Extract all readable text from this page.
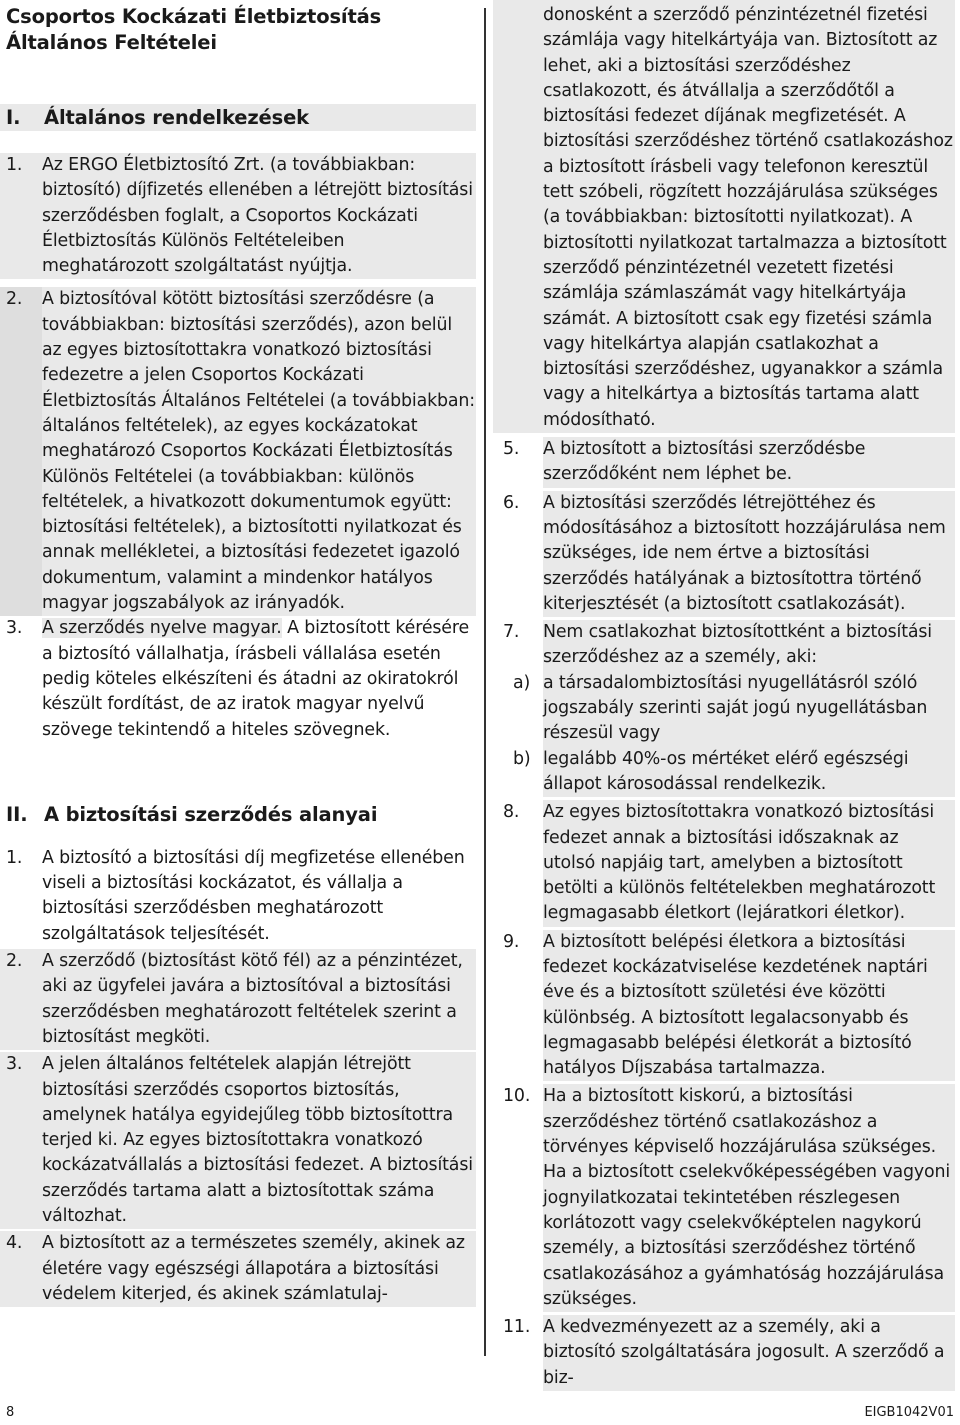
Csoportos Kockázati Életbiztosítás Általános Feltételei
I.	Általános rendelkezések
1.	Az ERGO Életbiztosító Zrt. (a továbbiakban: biztosító) díjfizetés ellenében a létrejött biztosítási szerződésben foglalt, a Csoportos Kockázati Életbiztosítás Különös Feltételeiben meghatározott szolgáltatást nyújtja.
2.	A biztosítóval kötött biztosítási szerződésre (a továbbiakban: biztosítási szerződés), azon belül az egyes biztosítottakra vonatkozó biztosítási fedezetre a jelen Csoportos Kockázati Életbiztosítás Általános Feltételei (a továbbiakban: általános feltételek), az egyes kockázatokat meghatározó Csoportos Kockázati Életbiztosítás Különös Feltételei (a továbbiakban: különös feltételek, a hivatkozott dokumentumok együtt: biztosítási feltételek), a biztosítotti nyilatkozat és annak mellékletei, a biztosítási fedezetet igazoló dokumentum, valamint a mindenkor hatályos magyar jogszabályok az irányadók.
3.	A szerződés nyelve magyar. A biztosított kérésére a biztosító vállalhatja, írásbeli vállalása esetén pedig köteles elkészíteni és átadni az okiratokról készült fordítást, de az iratok magyar nyelvű szövege tekintendő a hiteles szövegnek.
II. A biztosítási szerződés alanyai
1.	A biztosító a biztosítási díj megfizetése ellenében viseli a biztosítási kockázatot, és vállalja a biztosítási szerződésben meghatározott szolgáltatások teljesítését.
2.	A szerződő (biztosítást kötő fél) az a pénzintézet, aki az ügyfelei javára a biztosítóval a biztosítási szerződésben meghatározott feltételek szerint a biztosítást megköti.
3.	A jelen általános feltételek alapján létrejött biztosítási szerződés csoportos biztosítás, amelynek hatálya egyidejűleg több biztosítottra terjed ki. Az egyes biztosítottakra vonatkozó kockázatvállalás a biztosítási fedezet. A biztosítási szerződés tartama alatt a biztosítottak száma változhat.
4.	A biztosított az a természetes személy, akinek az életére vagy egészségi állapotára a biztosítási védelem kiterjed, és akinek számlatulaj-
donosként a szerződő pénzintézetnél fizetési számlája vagy hitelkártyája van. Biztosított az lehet, aki a biztosítási szerződéshez csatlakozott, és átvállalja a szerződőtől a biztosítási fedezet díjának megfizetését. A biztosítási szerződéshez történő csatlakozáshoz a biztosított írásbeli vagy telefonon keresztül tett szóbeli, rögzített hozzájárulása szükséges (a továbbiakban: biztosítotti nyilatkozat). A biztosítotti nyilatkozat tartalmazza a biztosított szerződő pénzintézetnél vezetett fizetési számlája számlaszámát vagy hitelkártyája számát. A biztosított csak egy fizetési számla vagy hitelkártya alapján csatlakozhat a biztosítási szerződéshez, ugyanakkor a számla vagy a hitelkártya a biztosítás tartama alatt módosítható.
5.	A biztosított a biztosítási szerződésbe szerződőként nem léphet be.
6.	A biztosítási szerződés létrejöttéhez és módosításához a biztosított hozzájárulása nem szükséges, ide nem értve a biztosítási szerződés hatályának a biztosítottra történő kiterjesztését (a biztosított csatlakozását).
7.	Nem csatlakozhat biztosítottként a biztosítási szerződéshez az a személy, aki:
a) a társadalombiztosítási nyugellátásról szóló jogszabály szerinti saját jogú nyugellátásban részesül vagy
b) legalább 40%-os mértéket elérő egészségi állapot károsodással rendelkezik.
8.	Az egyes biztosítottakra vonatkozó biztosítási fedezet annak a biztosítási időszaknak az utolsó napjáig tart, amelyben a biztosított betölti a különös feltételekben meghatározott legmagasabb életkort (lejáratkori életkor).
9.	A biztosított belépési életkora a biztosítási fedezet kockázatviselése kezdetének naptári éve és a biztosított születési éve közötti különbség. A biztosított legalacsonyabb és legmagasabb belépési életkorát a biztosító hatályos Díjszabása tartalmazza.
10. Ha a biztosított kiskorú, a biztosítási szerződéshez történő csatlakozáshoz a törvényes képviselő hozzájárulása szükséges. Ha a biztosított cselekvőképességében vagyoni jognyilatkozatai tekintetében részlegesen korlátozott vagy cselekvőképtelen nagykorú személy, a biztosítási szerződéshez történő csatlakozásához a gyámhatóság hozzájárulása szükséges.
11. A kedvezményezett az a személy, aki a biztosító szolgáltatására jogosult. A szerződő a biz-
8	EIGB1042V01
